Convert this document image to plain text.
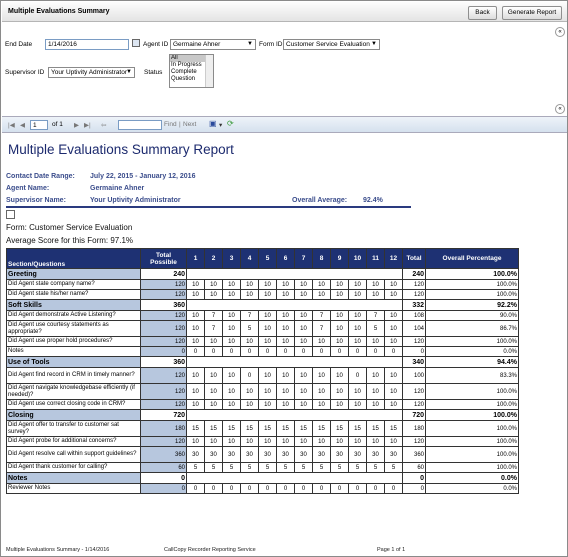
Multiple Evaluations Summary	Back	Generate Report
End Date	1/14/2016	Agent ID Germaine Ahner	▼ Form ID Customer Service Evaluation ▼
Supervisor ID	Your Uptivity Administrator ▼ Status
All
In Progress
Complete
Question
«
«
|◀ ◀	1	of 1 ▶ ▶| ⇦	Find | Next ▣ ▾ ⟳
Multiple Evaluations Summary Report
Contact Date Range: July 22, 2015 - January 12, 2016
Agent Name:	Germaine Ahner
Supervisor Name:	Your Uptivity Administrator	Overall Average: 92.4%
Form: Customer Service Evaluation
Average Score for this Form: 97.1%
Section/Questions	Total Possible	1	2	3	4	5	6	7	8	9	10	11	12	Total	Overall Percentage
Greeting	240													240	100.0%
Did Agent state company name?	120	10	10	10	10	10	10	10	10	10	10	10	10	120	100.0%
Did Agent state his/her name?	120	10	10	10	10	10	10	10	10	10	10	10	10	120	100.0%
Soft Skills	360													332	92.2%
Did Agent demonstrate Active Listening?	120	10	7	10	7	10	10	10	7	10	10	7	10	108	90.0%
Did Agent use courtesy statements as appropriate?	120	10	7	10	5	10	10	10	7	10	10	5	10	104	86.7%
Did Agent use proper hold procedures?	120	10	10	10	10	10	10	10	10	10	10	10	10	120	100.0%
Notes	0	0	0	0	0	0	0	0	0	0	0	0	0	0	0.0%
Use of Tools	360													340	94.4%
Did Agent find record in CRM in timely manner?	120	10	10	10	0	10	10	10	10	10	0	10	10	100	83.3%
Did Agent navigate knowledgebase efficiently (if needed)?	120	10	10	10	10	10	10	10	10	10	10	10	10	120	100.0%
Did Agent use correct closing code in CRM?	120	10	10	10	10	10	10	10	10	10	10	10	10	120	100.0%
Closing	720													720	100.0%
Did Agent offer to transfer to customer sat survey?	180	15	15	15	15	15	15	15	15	15	15	15	15	180	100.0%
Did Agent probe for additional concerns?	120	10	10	10	10	10	10	10	10	10	10	10	10	120	100.0%
Did Agent resolve call within support guidelines?	360	30	30	30	30	30	30	30	30	30	30	30	30	360	100.0%
Did Agent thank customer for calling?	60	5	5	5	5	5	5	5	5	5	5	5	5	60	100.0%
Notes	0													0	0.0%
Reviewer Notes	0	0	0	0	0	0	0	0	0	0	0	0	0	0	0.0%
Multiple Evaluations Summary - 1/14/2016	CallCopy Recorder Reporting Service	Page 1 of 1
